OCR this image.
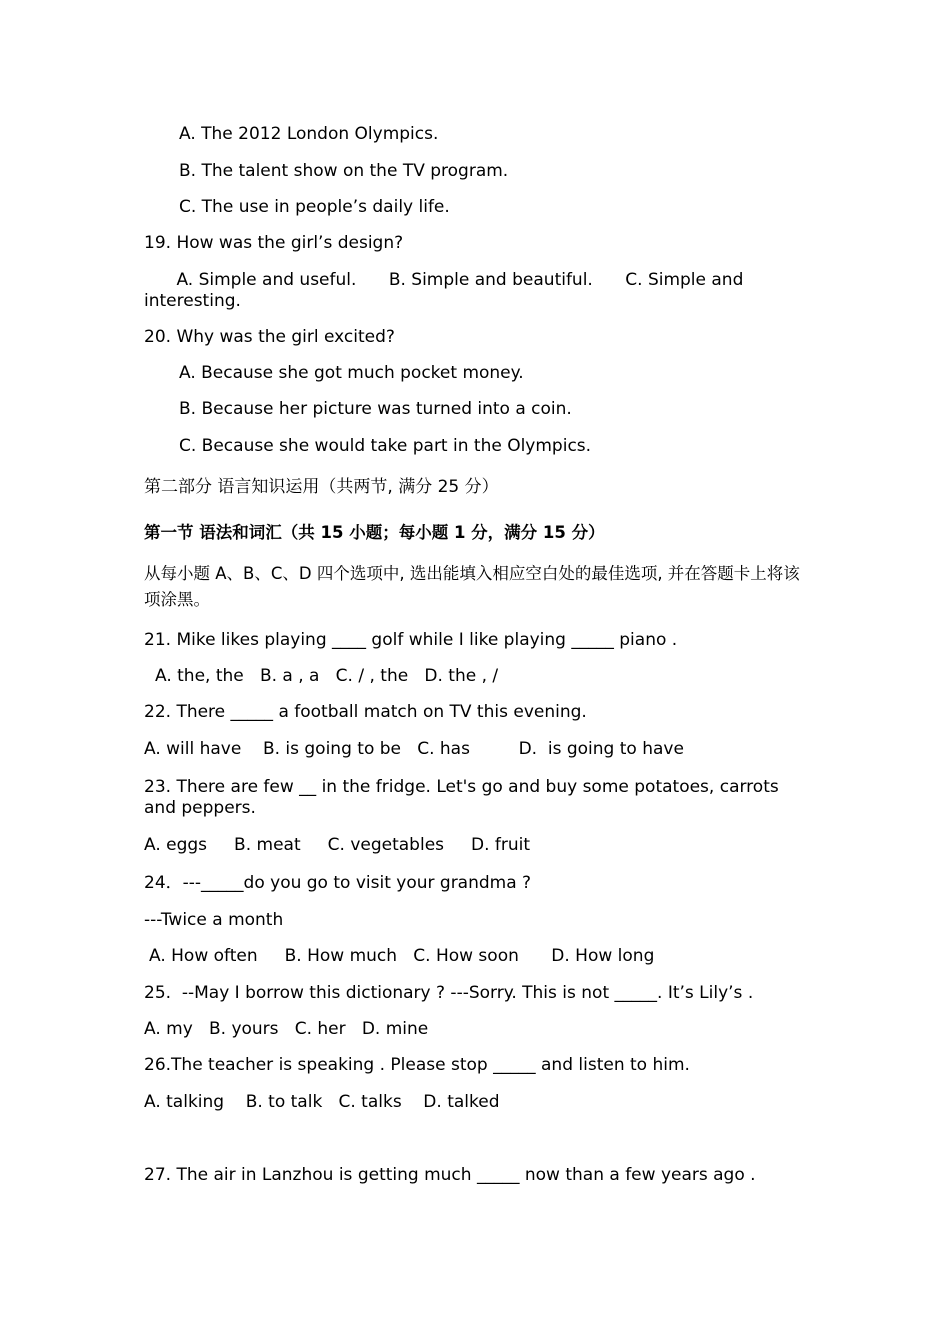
A. The 2012 London Olympics.
B. The talent show on the TV program.
C. The use in people’s daily life.
19. How was the girl’s design?
A. Simple and useful.      B. Simple and beautiful.      C. Simple and interesting.
20. Why was the girl excited?
A. Because she got much pocket money.
B. Because her picture was turned into a coin.
C. Because she would take part in the Olympics.
第二部分 语言知识运用（共两节, 满分 25 分）
第一节 语法和词汇（共 15 小题；每小题 1 分，满分 15 分）
从每小题 A、B、C、D 四个选项中, 选出能填入相应空白处的最佳选项, 并在答题卡上将该项涂黑。
21. Mike likes playing ____ golf while I like playing _____ piano .
A. the, the   B. a , a   C. / , the   D. the , /
22. There _____ a football match on TV this evening.
A. will have    B. is going to be   C. has         D.  is going to have
23. There are few __ in the fridge. Let's go and buy some potatoes, carrots and peppers.
A. eggs     B. meat     C. vegetables     D. fruit
24．---_____do you go to visit your grandma ?
---Twice a month
A. How often     B. How much   C. How soon      D. How long
25.  --May I borrow this dictionary ? ---Sorry. This is not _____. It’s Lily’s .
A. my   B. yours   C. her   D. mine
26.The teacher is speaking . Please stop _____ and listen to him.
A. talking    B. to talk   C. talks    D. talked
27. The air in Lanzhou is getting much _____ now than a few years ago .
